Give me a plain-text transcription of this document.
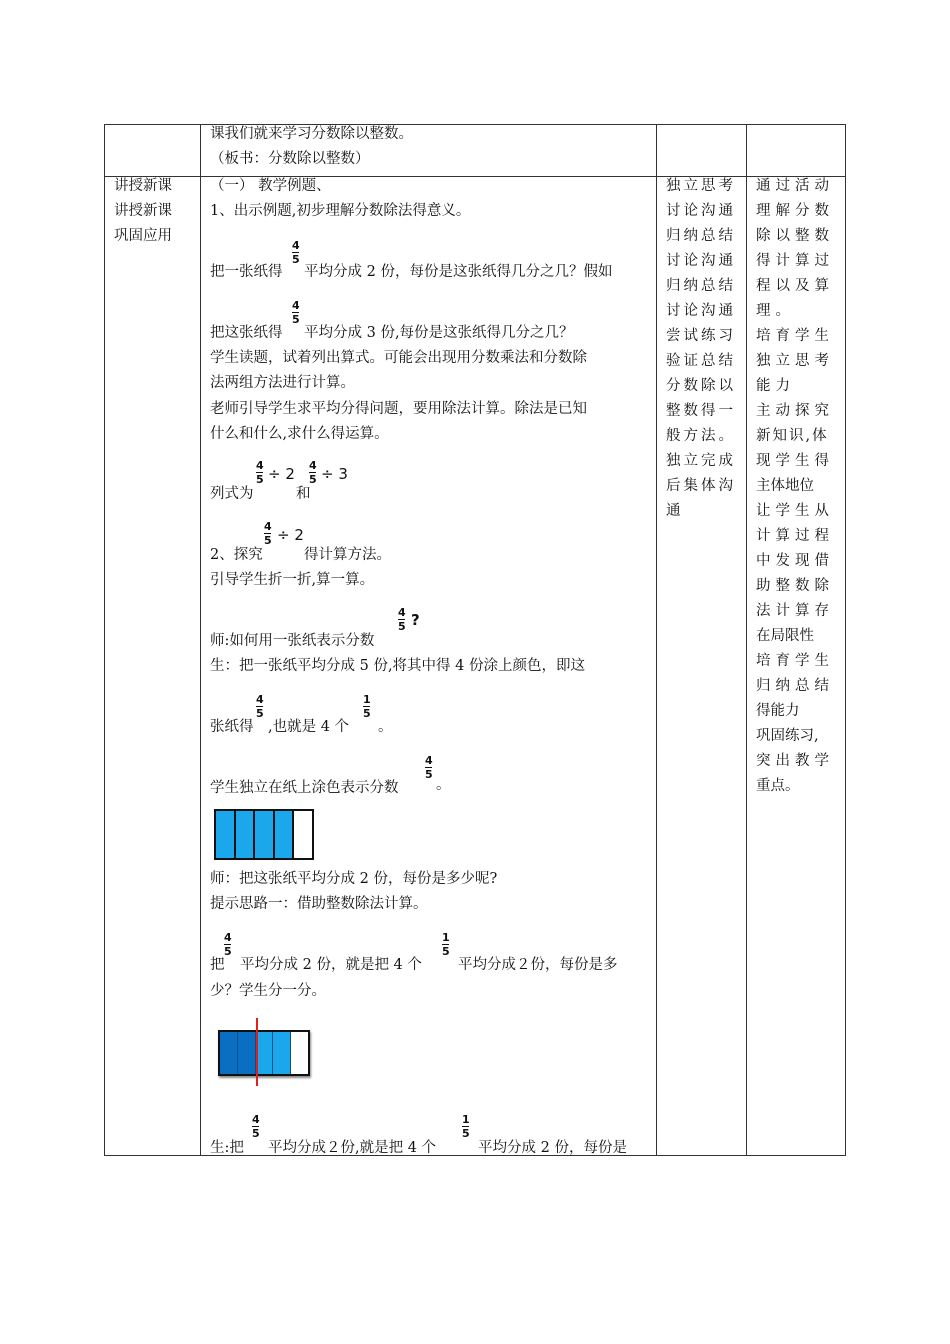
课我们就来学习分数除以整数。
（板书：分数除以整数）
讲授新课
讲授新课
巩固应用
（一） 教学例题、
1、出示例题,初步理解分数除法得意义。
把一张纸得
4
5
平均分成 2 份，每份是这张纸得几分之几？假如
把这张纸得
4
5
平均分成 3 份,每份是这张纸得几分之几？
学生读题，试着列出算式。可能会出现用分数乘法和分数除
法两组方法进行计算。
老师引导学生求平均分得问题，要用除法计算。除法是已知
什么和什么,求什么得运算。
列式为
4
5 ÷ 2
和
4
5 ÷ 3
2、探究
4
5 ÷ 2
得计算方法。
引导学生折一折,算一算。
师:如何用一张纸表示分数
4
5 ?
生：把一张纸平均分成 5 份,将其中得 4 份涂上颜色，即这
张纸得
4
5
,也就是 4 个
1
5
。
学生独立在纸上涂色表示分数
4
5
。
师：把这张纸平均分成 2 份，每份是多少呢?
提示思路一：借助整数除法计算。
把
4
5
平均分成 2 份，就是把 4 个
1
5
平均分成２份，每份是多
少？学生分一分。
生:把
4
5
平均分成２份,就是把 4 个
1
5
平均分成 2 份，每份是
独立思考
讨论沟通
归纳总结
讨论沟通
归纳总结
讨论沟通
尝试练习
验证总结
分数除以
整数得一
般方法。
独立完成
后集体沟
通
通过活动
理解分数
除以整数
得计算过
程以及算
理。
培育学生
独立思考
能力
主动探究
新知识,体
现学生得
主体地位
让学生从
计算过程
中发现借
助整数除
法计算存
在局限性
培育学生
归纳总结
得能力
巩固练习,
突出教学
重点。
